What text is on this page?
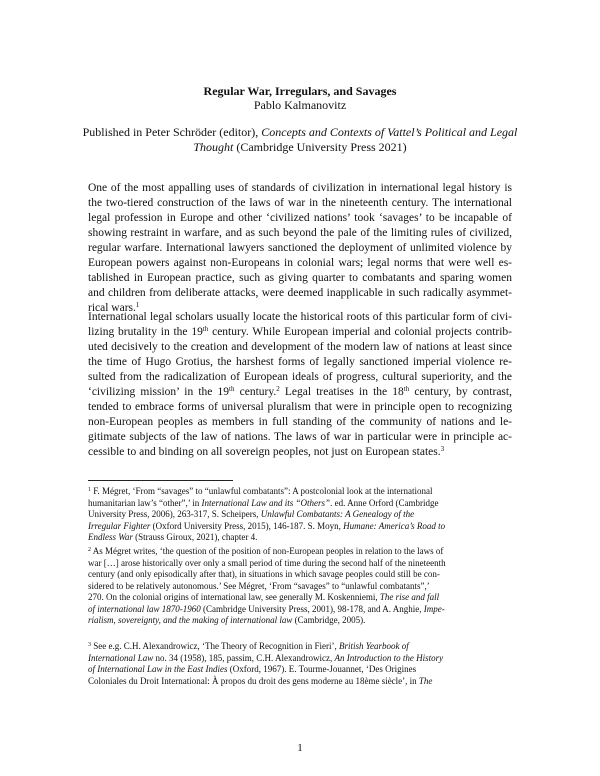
Regular War, Irregulars, and Savages
Pablo Kalmanovitz
Published in Peter Schröder (editor), Concepts and Contexts of Vattel’s Political and Legal
Thought (Cambridge University Press 2021)
One of the most appalling uses of standards of civilization in international legal history is
the two-tiered construction of the laws of war in the nineteenth century. The international
legal profession in Europe and other ‘civilized nations’ took ‘savages’ to be incapable of
showing restraint in warfare, and as such beyond the pale of the limiting rules of civilized,
regular warfare. International lawyers sanctioned the deployment of unlimited violence by
European powers against non-Europeans in colonial wars; legal norms that were well es-
tablished in European practice, such as giving quarter to combatants and sparing women
and children from deliberate attacks, were deemed inapplicable in such radically asymmet-
rical wars.$^1$
International legal scholars usually locate the historical roots of this particular form of civi-
lizing brutality in the 19th century. While European imperial and colonial projects contrib-
uted decisively to the creation and development of the modern law of nations at least since
the time of Hugo Grotius, the harshest forms of legally sanctioned imperial violence re-
sulted from the radicalization of European ideals of progress, cultural superiority, and the
‘civilizing mission’ in the 19th century.$^2$ Legal treatises in the 18th century, by contrast,
tended to embrace forms of universal pluralism that were in principle open to recognizing
non-European peoples as members in full standing of the community of nations and le-
gitimate subjects of the law of nations. The laws of war in particular were in principle ac-
cessible to and binding on all sovereign peoples, not just on European states.$^3$
$^1$ F. Mégret, ‘From “savages” to “unlawful combatants”: A postcolonial look at the international
humanitarian law’s “other”,’ in International Law and its “Others”. ed. Anne Orford (Cambridge
University Press, 2006), 263-317, S. Scheipers, Unlawful Combatants: A Genealogy of the
Irregular Fighter (Oxford University Press, 2015), 146-187. S. Moyn, Humane: America’s Road to
Endless War (Strauss Giroux, 2021), chapter 4.
$^2$ As Mégret writes, ‘the question of the position of non-European peoples in relation to the laws of
war […] arose historically over only a small period of time during the second half of the nineteenth
century (and only episodically after that), in situations in which savage peoples could still be con-
sidered to be relatively autonomous.’ See Mégret, ‘From “savages” to “unlawful combatants”,’
270. On the colonial origins of international law, see generally M. Koskenniemi, The rise and fall
of international law 1870-1960 (Cambridge University Press, 2001), 98-178, and A. Anghie, Impe-
rialism, sovereignty, and the making of international law (Cambridge, 2005).
$^3$ See e.g. C.H. Alexandrowicz, ‘The Theory of Recognition in Fieri’, British Yearbook of
International Law no. 34 (1958), 185, passim, C.H. Alexandrowicz, An Introduction to the History
of International Law in the East Indies (Oxford, 1967). E. Tourme-Jouannet, ‘Des Origines
Coloniales du Droit International: À propos du droit des gens moderne au 18ème siècle’, in The
1
